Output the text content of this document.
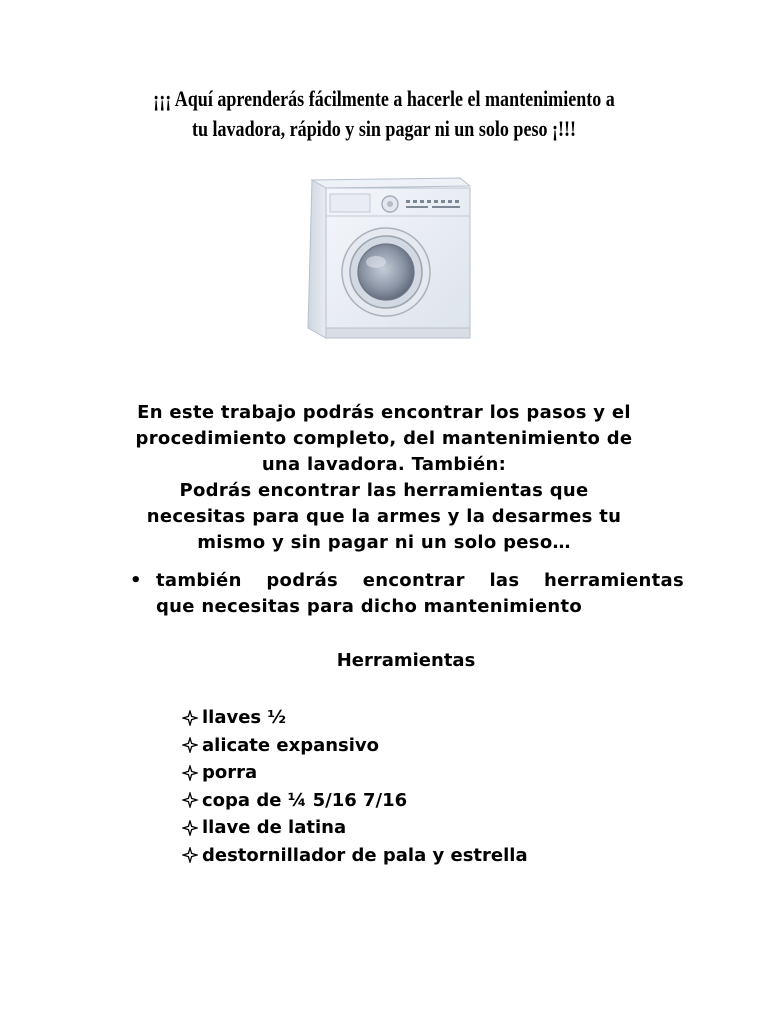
¡¡¡ Aquí aprenderás fácilmente a hacerle el mantenimiento a
tu lavadora, rápido y sin pagar ni un solo peso ¡!!!
En este trabajo podrás encontrar los pasos y el
procedimiento completo, del mantenimiento de
una lavadora. También:
Podrás encontrar las herramientas que
necesitas para que la armes y la desarmes tu
mismo y sin pagar ni un solo peso…
• también podrás encontrar las herramientas
que necesitas para dicho mantenimiento
Herramientas
llaves ½
alicate expansivo
porra
copa de ¼ 5/16 7/16
llave de latina
destornillador de pala y estrella
